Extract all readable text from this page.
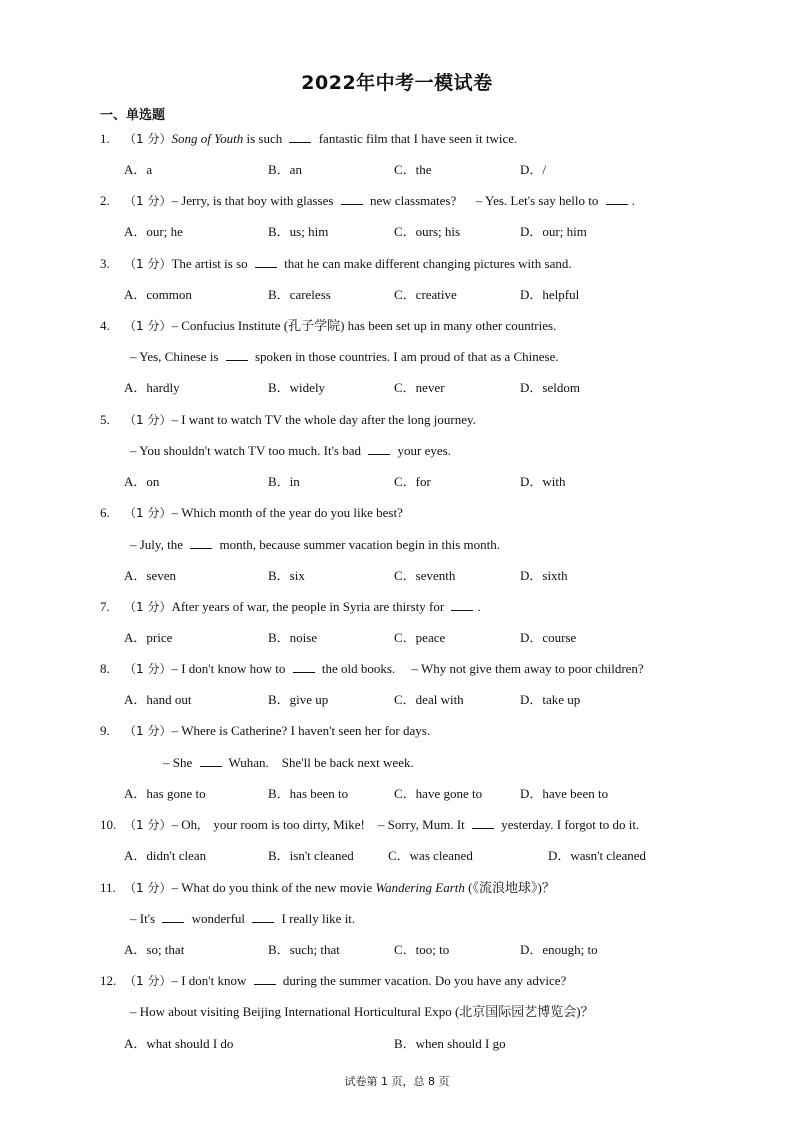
2022年中考一模试卷
一、单选题
1. （1 分）Song of Youth is such  fantastic film that I have seen it twice.
A．a	B．an	C．the	D．/
2. （1 分）– Jerry, is that boy with glasses  new classmates?      – Yes. Let's say hello to .
A．our; he	B．us; him	C．ours; his	D．our; him
3. （1 分）The artist is so  that he can make different changing pictures with sand.
A．common	B．careless	C．creative	D．helpful
4. （1 分）– Confucius Institute (孔子学院) has been set up in many other countries.
– Yes, Chinese is  spoken in those countries. I am proud of that as a Chinese.
A．hardly	B．widely	C．never	D．seldom
5. （1 分）– I want to watch TV the whole day after the long journey.
– You shouldn't watch TV too much. It's bad  your eyes.
A．on	B．in	C．for	D．with
6. （1 分）– Which month of the year do you like best?
– July, the  month, because summer vacation begin in this month.
A．seven	B．six	C．seventh	D．sixth
7. （1 分）After years of war, the people in Syria are thirsty for .
A．price	B．noise	C．peace	D．course
8. （1 分）– I don't know how to  the old books.     – Why not give them away to poor children?
A．hand out	B．give up	C．deal with	D．take up
9. （1 分）– Where is Catherine? I haven't seen her for days.
– She  Wuhan.    She'll be back next week.
A．has gone to	B．has been to	C．have gone to	D．have been to
10. （1 分）– Oh,    your room is too dirty, Mike!    – Sorry, Mum. It  yesterday. I forgot to do it.
A．didn't clean	B．isn't cleaned	C．was cleaned	D．wasn't cleaned
11. （1 分）– What do you think of the new movie Wandering Earth (《流浪地球》)？
– It's  wonderful  I really like it.
A．so; that	B．such; that	C．too; to	D．enough; to
12. （1 分）– I don't know  during the summer vacation. Do you have any advice?
– How about visiting Beijing International Horticultural Expo (北京国际园艺博览会)？
A．what should I do	B．when should I go
试卷第 1 页，总 8 页
